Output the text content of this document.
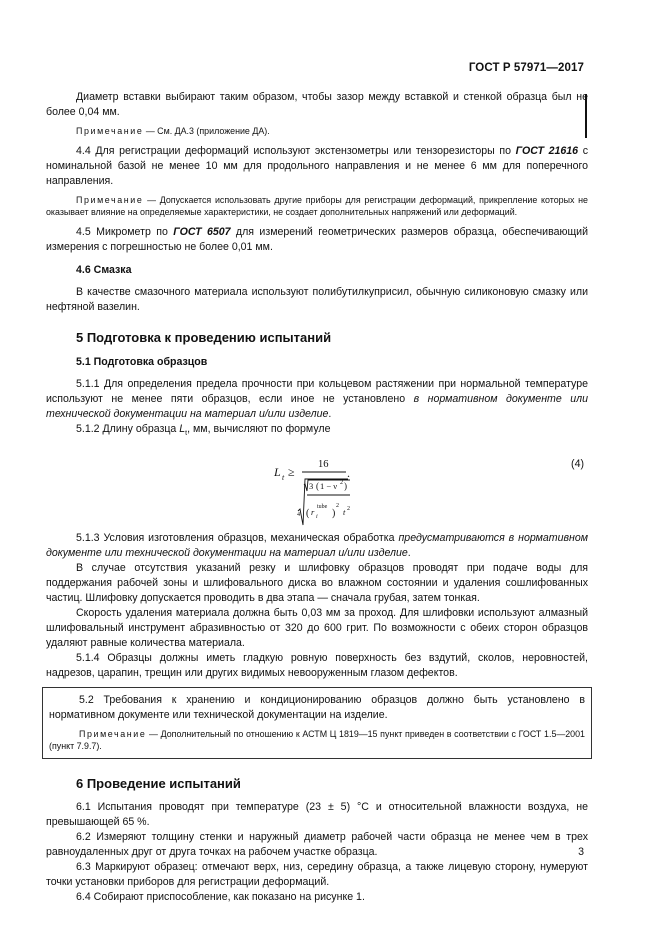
ГОСТ Р 57971—2017

Диаметр вставки выбирают таким образом, чтобы зазор между вставкой и стенкой образца был не более 0,04 мм.

Примечание — См. ДА.3 (приложение ДА).

4.4 Для регистрации деформаций используют экстензометры или тензорезисторы по ГОСТ 21616 с номинальной базой не менее 10 мм для продольного направления и не менее 6 мм для поперечного направления.

Примечание — Допускается использовать другие приборы для регистрации деформаций, прикрепление которых не оказывает влияние на определяемые характеристики, не создает дополнительных напряжений или деформаций.

4.5 Микрометр по ГОСТ 6507 для измерений геометрических размеров образца, обеспечивающий измерения с погрешностью не более 0,01 мм.

4.6 Смазка

В качестве смазочного материала используют полибутилкуприсил, обычную силиконовую смазку или нефтяной вазелин.

5 Подготовка к проведению испытаний

5.1 Подготовка образцов

5.1.1 Для определения предела прочности при кольцевом растяжении при нормальной температуре используют не менее пяти образцов, если иное не установлено в нормативном документе или технической документации на материал и/или изделие.

5.1.2 Длину образца $L_t$, мм, вычисляют по формуле

L t ≥
16
.
4
3 ( 1 − ν 2 )
( r i
tube
)
2
t 2
(4)

5.1.3 Условия изготовления образцов, механическая обработка предусматриваются в нормативном документе или технической документации на материал и/или изделие.

В случае отсутствия указаний резку и шлифовку образцов проводят при подаче воды для поддержания рабочей зоны и шлифовального диска во влажном состоянии и удаления сошлифованных частиц. Шлифовку допускается проводить в два этапа — сначала грубая, затем тонкая.

Скорость удаления материала должна быть 0,03 мм за проход. Для шлифовки используют алмазный шлифовальный инструмент абразивностью от 320 до 600 грит. По возможности с обеих сторон образцов удаляют равные количества материала.

5.1.4 Образцы должны иметь гладкую ровную поверхность без вздутий, сколов, неровностей, надрезов, царапин, трещин или других видимых невооруженным глазом дефектов.

5.2 Требования к хранению и кондиционированию образцов должно быть установлено в нормативном документе или технической документации на изделие.

Примечание — Дополнительный по отношению к АСТМ Ц 1819—15 пункт приведен в соответствии с ГОСТ 1.5—2001 (пункт 7.9.7).

6 Проведение испытаний

6.1 Испытания проводят при температуре (23 ± 5) °С и относительной влажности воздуха, не превышающей 65 %.

6.2 Измеряют толщину стенки и наружный диаметр рабочей части образца не менее чем в трех равноудаленных друг от друга точках на рабочем участке образца.

6.3 Маркируют образец: отмечают верх, низ, середину образца, а также лицевую сторону, нумеруют точки установки приборов для регистрации деформаций.

6.4 Собирают приспособление, как показано на рисунке 1.

3
